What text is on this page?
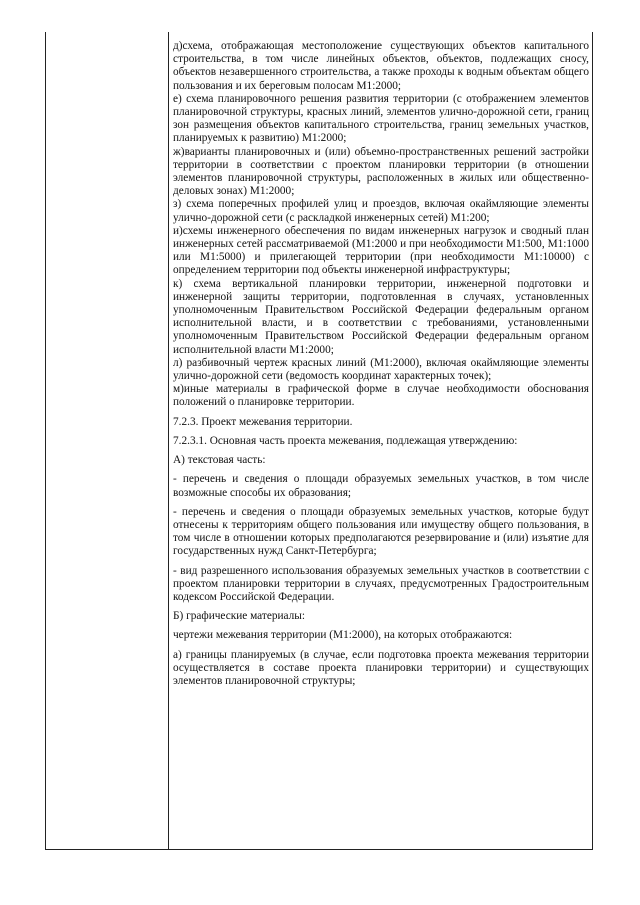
д)схема, отображающая местоположение существующих объектов капитального строительства, в том числе линейных объектов, объектов, подлежащих сносу, объектов незавершенного строительства, а также проходы к водным объектам общего пользования и их береговым полосам М1:2000;

е) схема планировочного решения развития территории (с отображением элементов планировочной структуры, красных линий, элементов улично-дорожной сети, границ зон размещения объектов капитального строительства, границ земельных участков, планируемых к развитию) М1:2000;

ж)варианты планировочных и (или) объемно-пространственных решений застройки территории в соответствии с проектом планировки территории (в отношении элементов планировочной структуры, расположенных в жилых или общественно-деловых зонах) М1:2000;

з) схема поперечных профилей улиц и проездов, включая окаймляющие элементы улично-дорожной сети (с раскладкой инженерных сетей) М1:200;

и)схемы инженерного обеспечения по видам инженерных нагрузок и сводный план инженерных сетей рассматриваемой (М1:2000 и при необходимости М1:500, М1:1000 или М1:5000) и прилегающей территории (при необходимости М1:10000) с определением территории под объекты инженерной инфраструктуры;

к) схема вертикальной планировки территории, инженерной подготовки и инженерной защиты территории, подготовленная в случаях, установленных уполномоченным Правительством Российской Федерации федеральным органом исполнительной власти, и в соответствии с требованиями, установленными уполномоченным Правительством Российской Федерации федеральным органом исполнительной власти М1:2000;

л) разбивочный чертеж красных линий (М1:2000), включая окаймляющие элементы улично-дорожной сети (ведомость координат характерных точек);

м)иные материалы в графической форме в случае необходимости обоснования положений о планировке территории.

7.2.3. Проект межевания территории.

7.2.3.1. Основная часть проекта межевания, подлежащая утверждению:

А) текстовая часть:

- перечень и сведения о площади образуемых земельных участков, в том числе возможные способы их образования;

- перечень и сведения о площади образуемых земельных участков, которые будут отнесены к территориям общего пользования или имуществу общего пользования, в том числе в отношении которых предполагаются резервирование и (или) изъятие для государственных нужд Санкт-Петербурга;

- вид разрешенного использования образуемых земельных участков в соответствии с проектом планировки территории в случаях, предусмотренных Градостроительным кодексом Российской Федерации.

Б) графические материалы:

чертежи межевания территории (М1:2000), на которых отображаются:

а) границы планируемых (в случае, если подготовка проекта межевания территории осуществляется в составе проекта планировки территории) и существующих элементов планировочной структуры;
